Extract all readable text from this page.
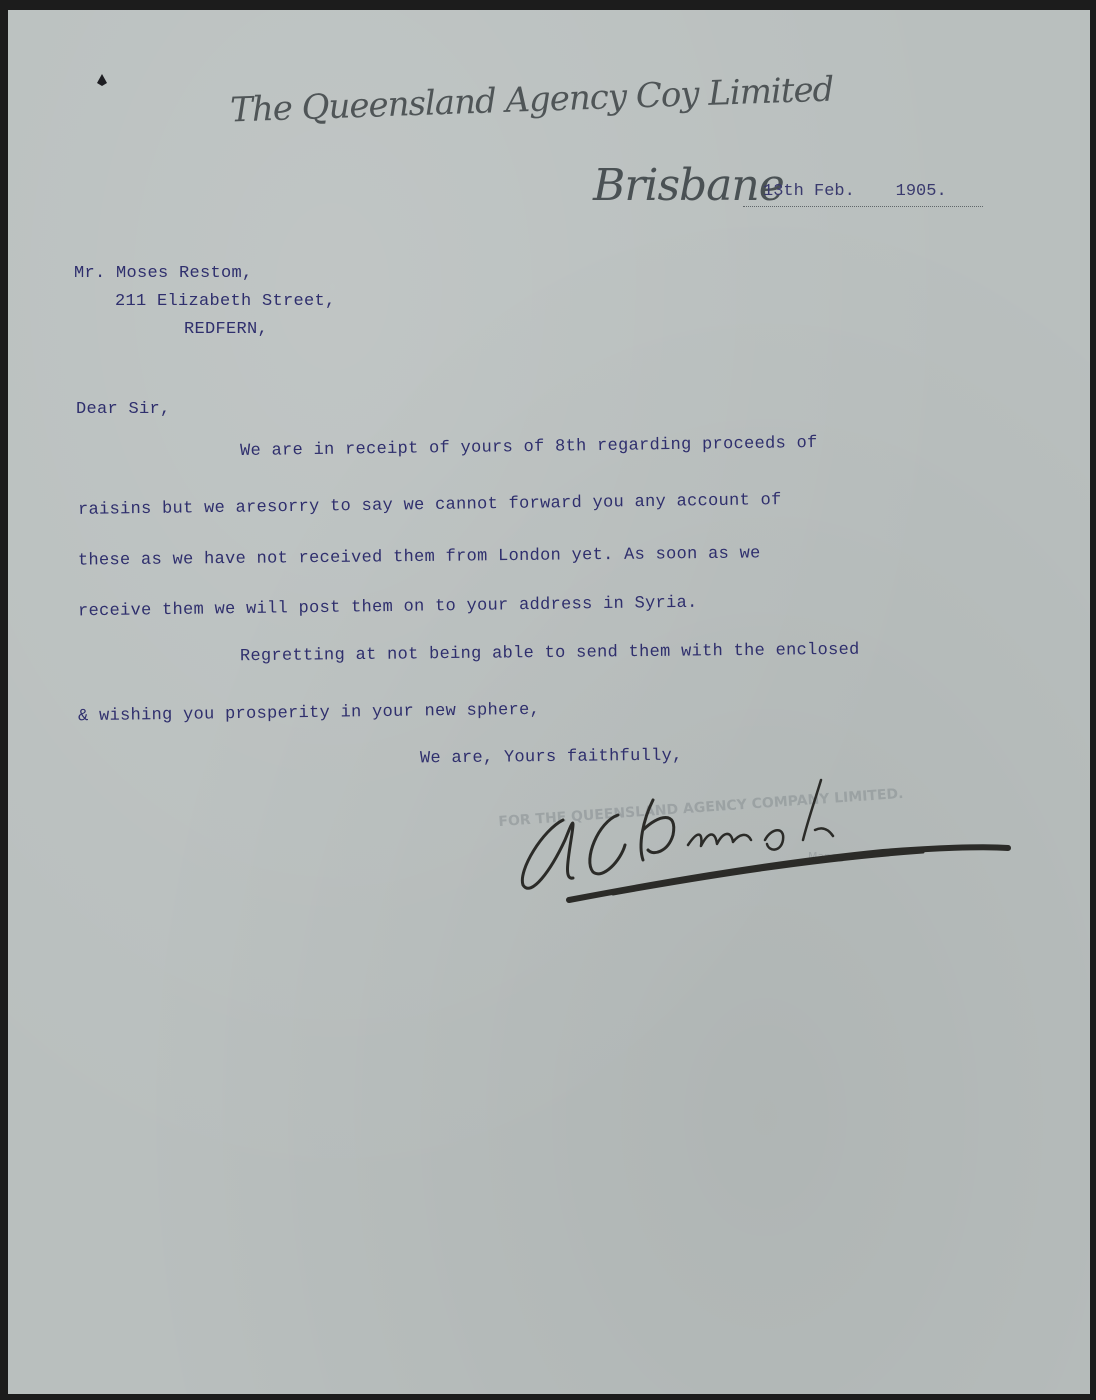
The Queensland Agency Coy Limited
Brisbane
13th Feb. 1905.
Mr. Moses Restom,
211 Elizabeth Street,
REDFERN,
Dear Sir,
We are in receipt of yours of 8th regarding proceeds of
raisins but we aresorry to say we cannot forward you any account of
these as we have not received them from London yet. As soon as we
receive them we will post them on to your address in Syria.
Regretting at not being able to send them with the enclosed
& wishing you prosperity in your new sphere,
We are, Yours faithfully,
FOR THE QUEENSLAND AGENCY COMPANY LIMITED.
Manager
